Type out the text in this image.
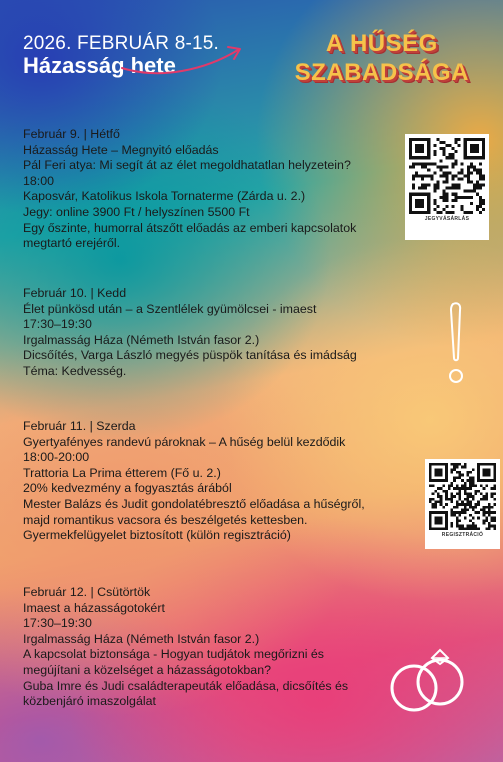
2026. FEBRUÁR 8-15.
Házasság hete
A HŰSÉG
SZABADSÁGA
Február 9. | Hétfő
Házasság Hete – Megnyitó előadás
Pál Feri atya: Mi segít át az élet megoldhatatlan helyzetein?
18:00
Kaposvár, Katolikus Iskola Tornaterme (Zárda u. 2.)
Jegy: online 3900 Ft / helyszínen 5500 Ft
Egy őszinte, humorral átszőtt előadás az emberi kapcsolatok
megtartó erejéről.
Február 10. | Kedd
Élet pünkösd után – a Szentlélek gyümölcsei - imaest
17:30–19:30
Irgalmasság Háza (Németh István fasor 2.)
Dicsőítés, Varga László megyés püspök tanítása és imádság
Téma: Kedvesség.
Február 11. | Szerda
Gyertyafényes randevú pároknak – A hűség belül kezdődik
18:00-20:00
Trattoria La Prima étterem (Fő u. 2.)
20% kedvezmény a fogyasztás árából
Mester Balázs és Judit gondolatébresztő előadása a hűségről,
majd romantikus vacsora és beszélgetés kettesben.
Gyermekfelügyelet biztosított (külön regisztráció)
Február 12. | Csütörtök
Imaest a házasságotokért
17:30–19:30
Irgalmasság Háza (Németh István fasor 2.)
A kapcsolat biztonsága - Hogyan tudjátok megőrizni és
megújítani a közelséget a házasságotokban?
Guba Imre és Judi családterapeuták előadása, dicsőítés és
közbenjáró imaszolgálat
JEGYVÁSÁRLÁS
REGISZTRÁCIÓ
